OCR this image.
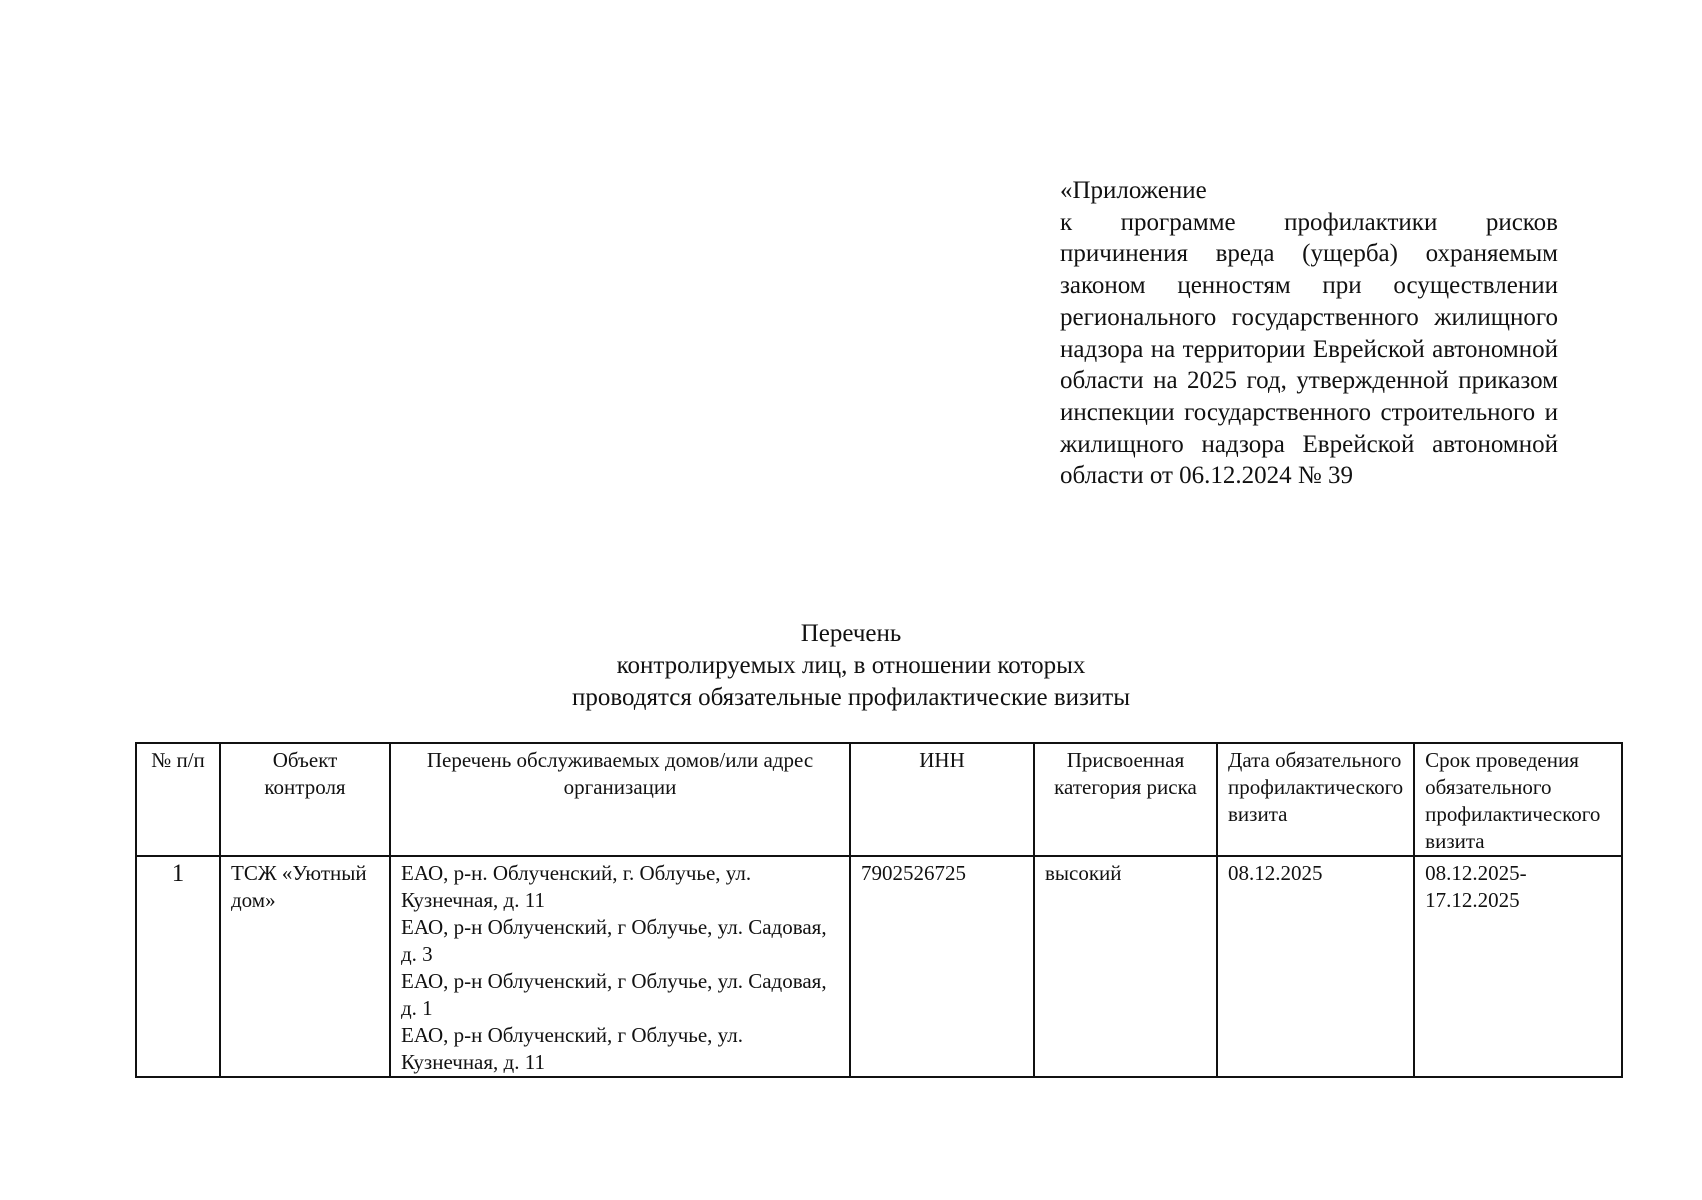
«Приложение
к программе профилактики рисков причинения вреда (ущерба) охраняемым законом ценностям при осуществлении регионального государственного жилищного надзора на территории Еврейской автономной области на 2025 год, утвержденной приказом инспекции государственного строительного и жилищного надзора Еврейской автономной области от 06.12.2024 № 39
Перечень
контролируемых лиц, в отношении которых
проводятся обязательные профилактические визиты
№ п/п	Объект контроля	Перечень обслуживаемых домов/или адрес организации	ИНН	Присвоенная категория риска	Дата обязательного профилактического визита	Срок проведения обязательного профилактического визита
1	ТСЖ «Уютный дом»	ЕАО, р-н. Облученский, г. Облучье, ул. Кузнечная, д. 11
ЕАО, р-н Облученский, г Облучье, ул. Садовая, д. 3
ЕАО, р-н Облученский, г Облучье, ул. Садовая, д. 1
ЕАО, р-н Облученский, г Облучье, ул. Кузнечная, д. 11	7902526725	высокий	08.12.2025	08.12.2025-17.12.2025
